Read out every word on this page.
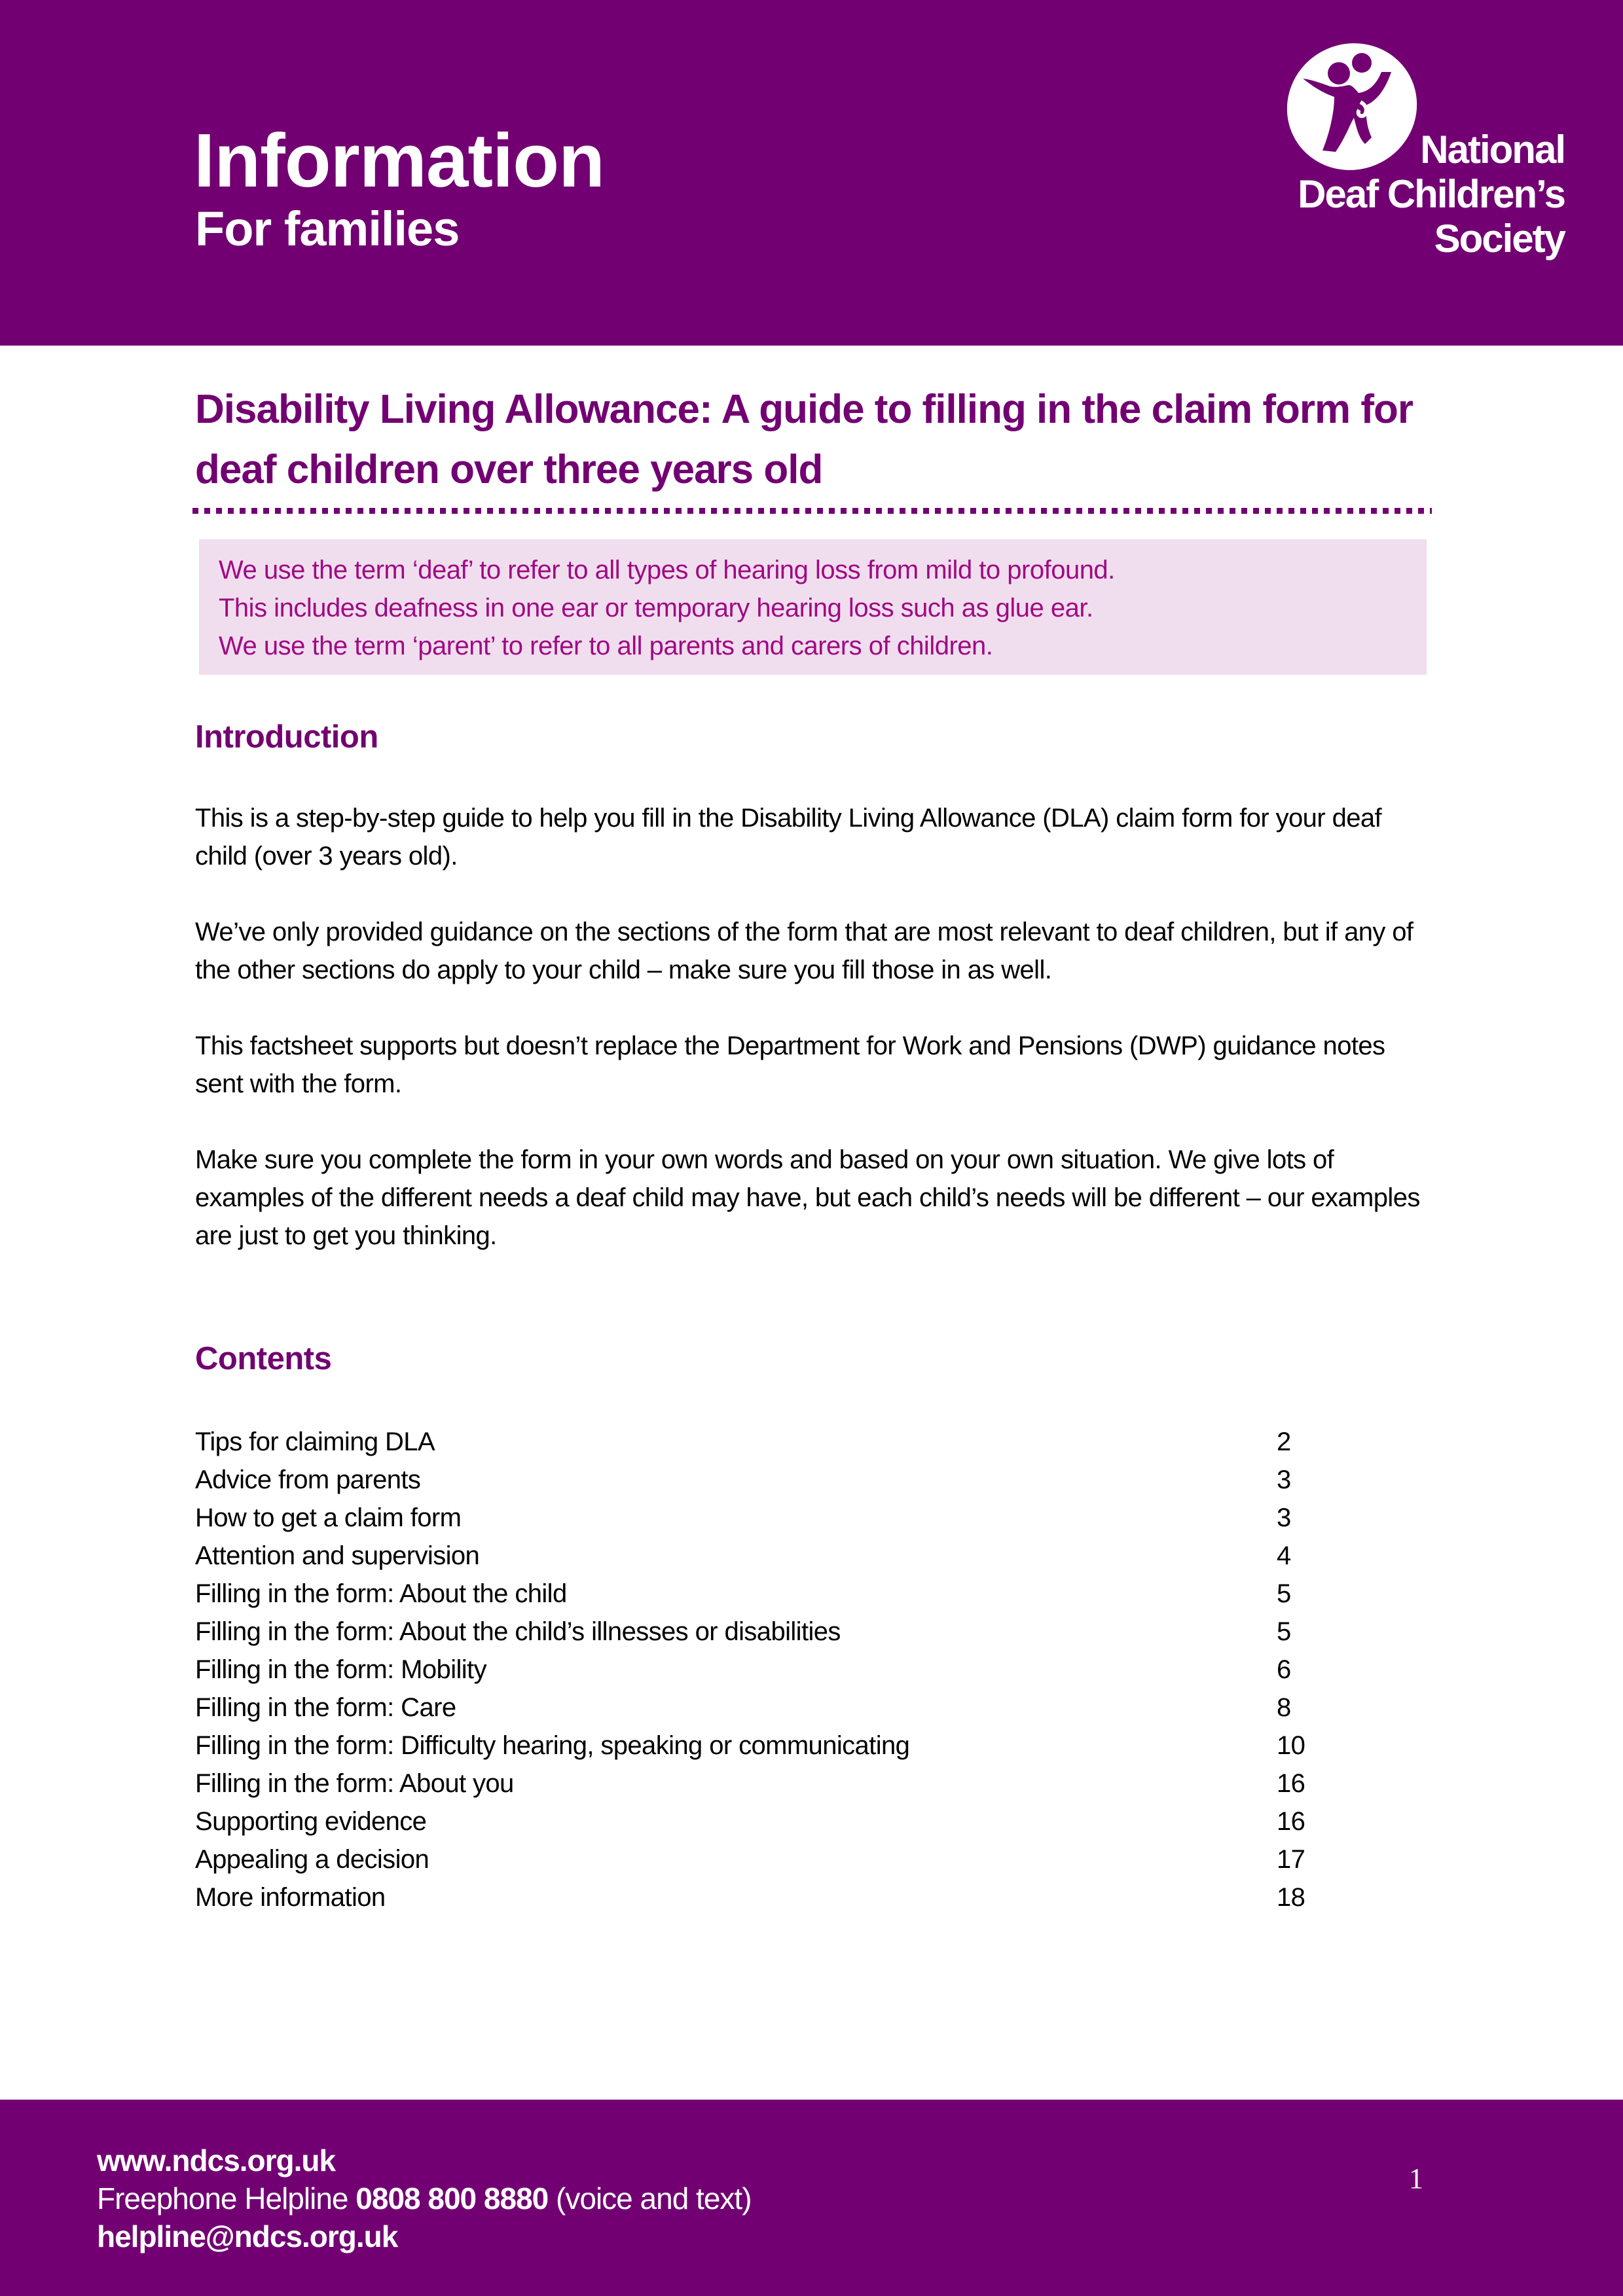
Information
For families
National
Deaf Children’s
Society
Disability Living Allowance: A guide to filling in the claim form for deaf children over three years old

We use the term ‘deaf’ to refer to all types of hearing loss from mild to profound.

This includes deafness in one ear or temporary hearing loss such as glue ear.

We use the term ‘parent’ to refer to all parents and carers of children.

Introduction

This is a step-by-step guide to help you fill in the Disability Living Allowance (DLA) claim form for your deaf child (over 3 years old).

We’ve only provided guidance on the sections of the form that are most relevant to deaf children, but if any of the other sections do apply to your child – make sure you fill those in as well.

This factsheet supports but doesn’t replace the Department for Work and Pensions (DWP) guidance notes sent with the form.

Make sure you complete the form in your own words and based on your own situation. We give lots of examples of the different needs a deaf child may have, but each child’s needs will be different – our examples are just to get you thinking.

Contents
Tips for claiming DLA	2
Advice from parents	3
How to get a claim form	3
Attention and supervision	4
Filling in the form: About the child	5
Filling in the form: About the child’s illnesses or disabilities	5
Filling in the form: Mobility	6
Filling in the form: Care	8
Filling in the form: Difficulty hearing, speaking or communicating	10
Filling in the form: About you	16
Supporting evidence	16
Appealing a decision	17
More information	18
www.ndcs.org.uk
Freephone Helpline 0808 800 8880 (voice and text)
helpline@ndcs.org.uk
1
